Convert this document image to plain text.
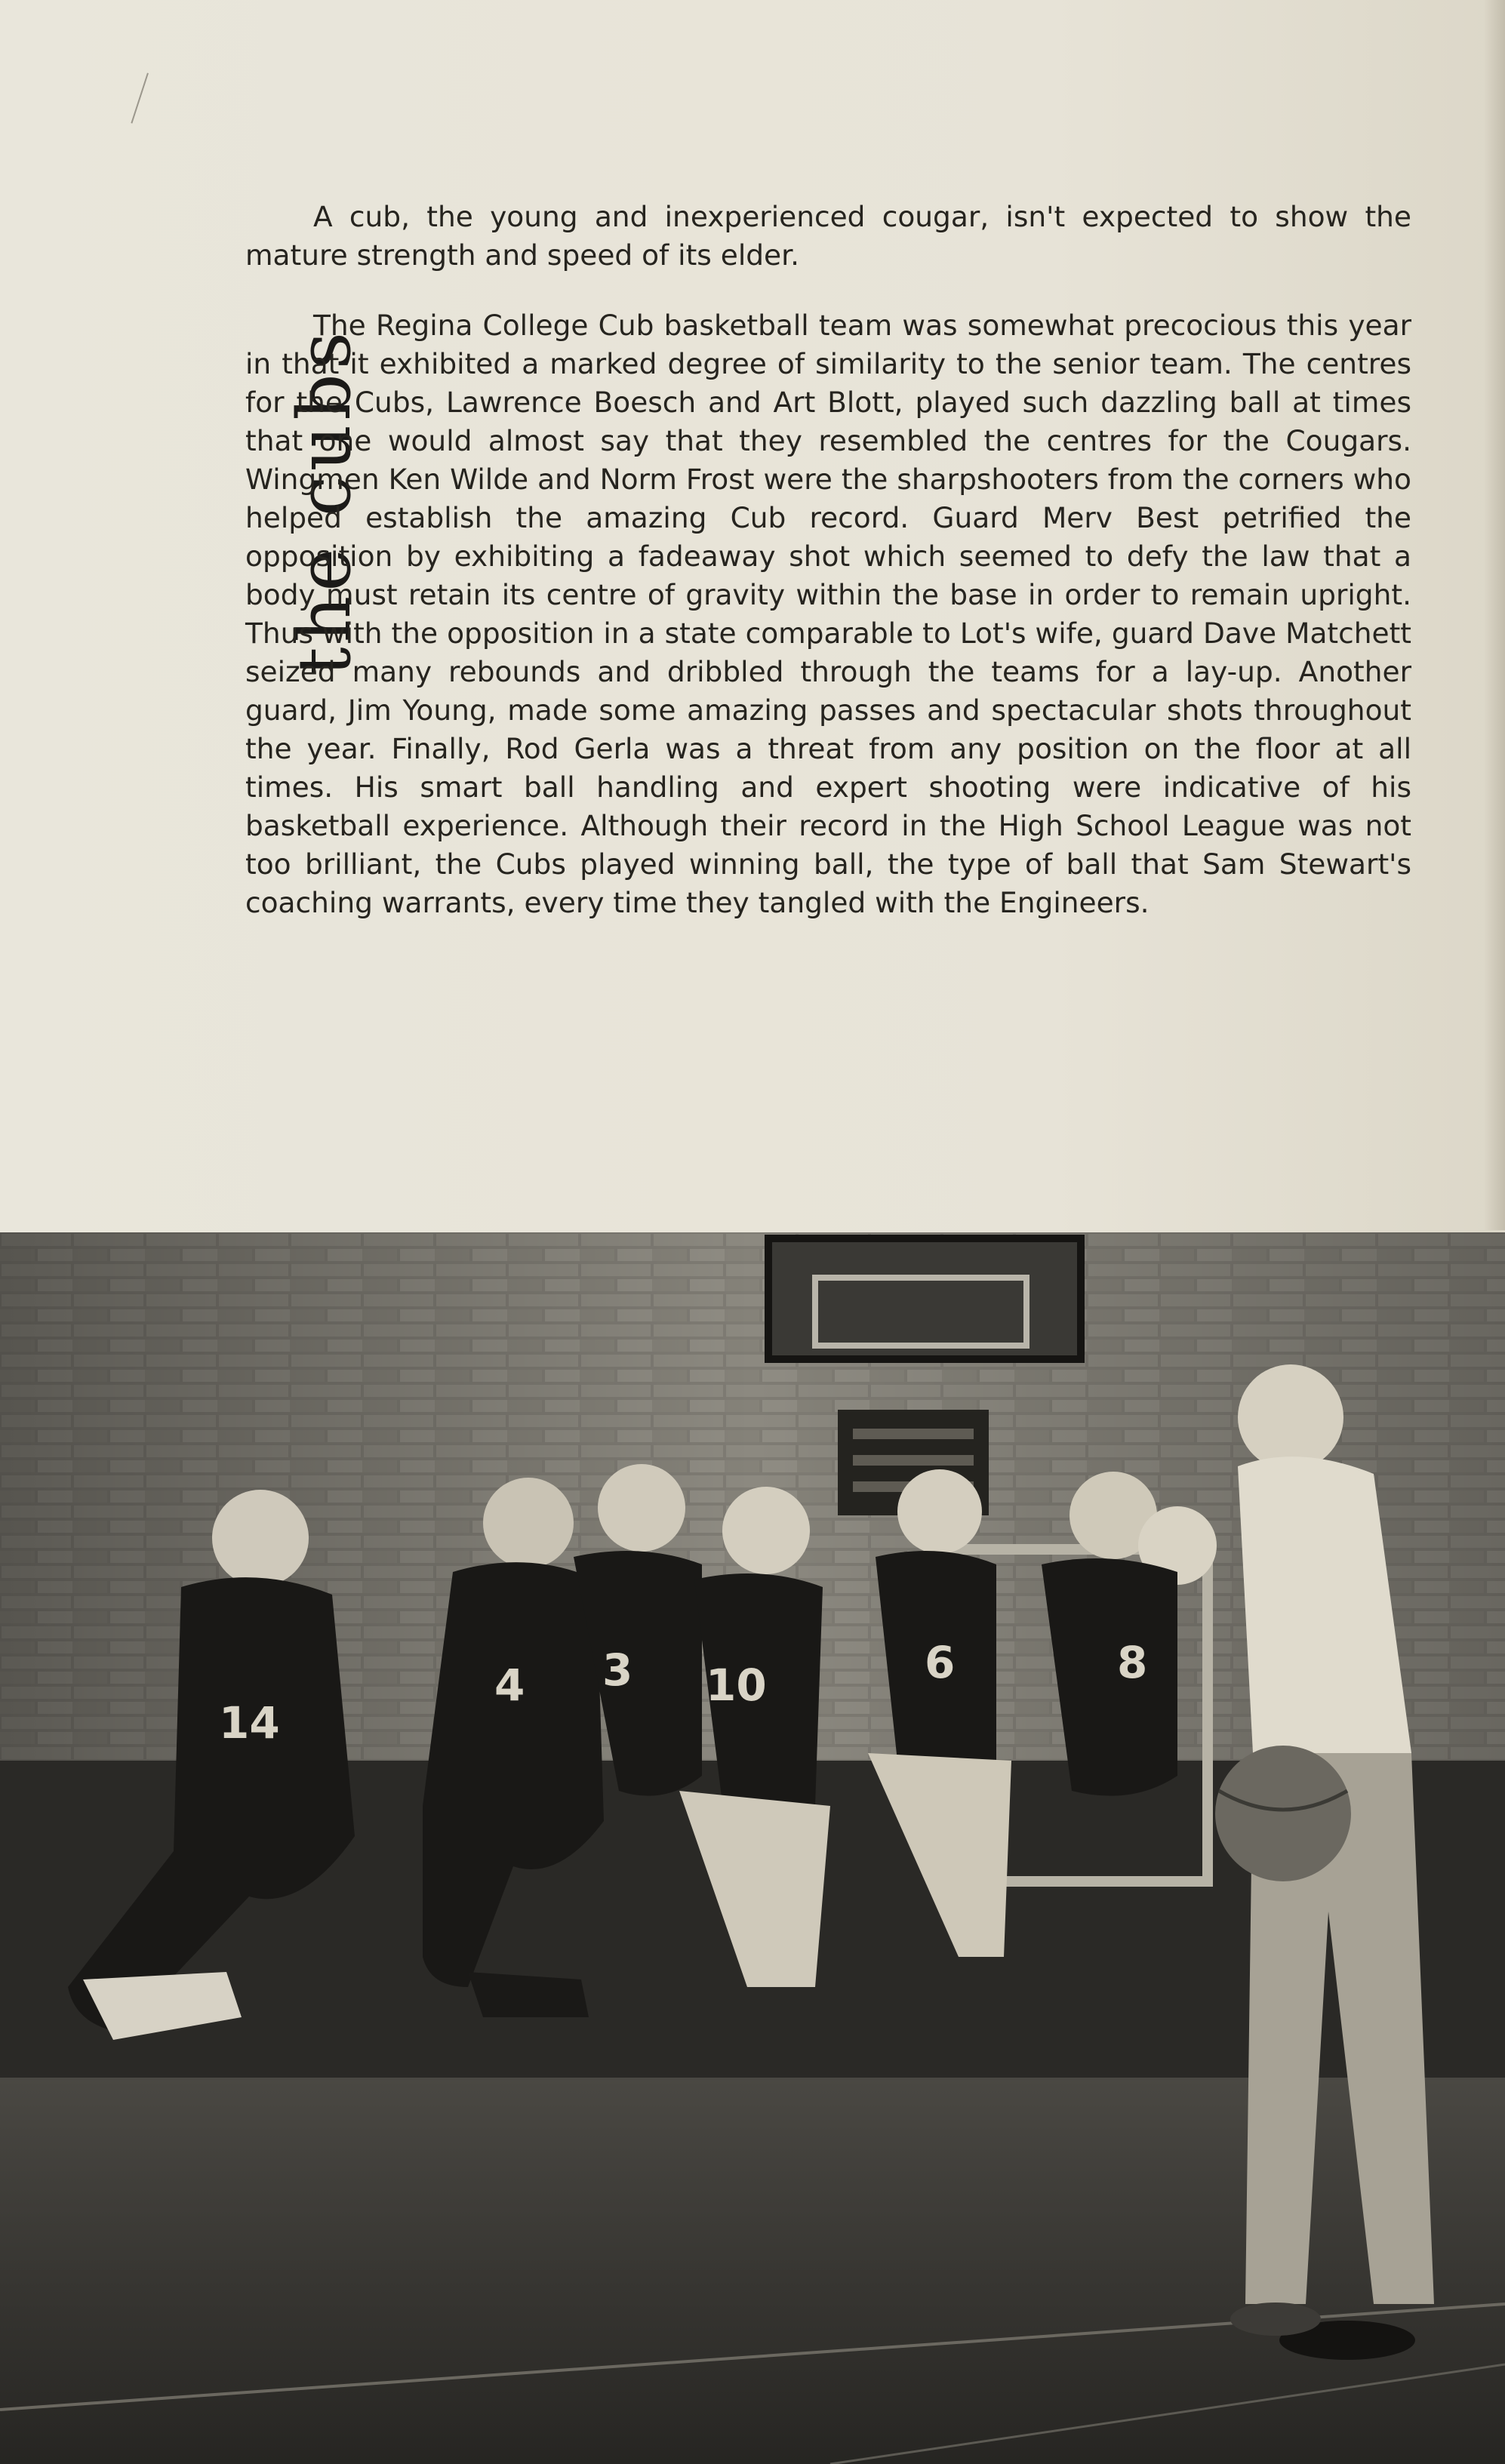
the cubs

A cub, the young and inexperienced cougar, isn't expected to show the mature strength and speed of its elder.

The Regina College Cub basketball team was somewhat precocious this year in that it exhibited a marked degree of similarity to the senior team. The centres for the Cubs, Lawrence Boesch and Art Blott, played such dazzling ball at times that one would almost say that they resembled the centres for the Cougars. Wingmen Ken Wilde and Norm Frost were the sharpshooters from the corners who helped establish the amazing Cub record. Guard Merv Best petrified the opposition by exhibiting a fadeaway shot which seemed to defy the law that a body must retain its centre of gravity within the base in order to remain upright. Thus with the opposition in a state comparable to Lot's wife, guard Dave Matchett seized many rebounds and dribbled through the teams for a lay-up. Another guard, Jim Young, made some amazing passes and spectacular shots throughout the year. Finally, Rod Gerla was a threat from any position on the floor at all times. His smart ball handling and expert shooting were indicative of his basketball experience. Although their record in the High School League was not too brilliant, the Cubs played winning ball, the type of ball that Sam Stewart's coaching warrants, every time they tangled with the Engineers.

14
4 3 10	6	8
